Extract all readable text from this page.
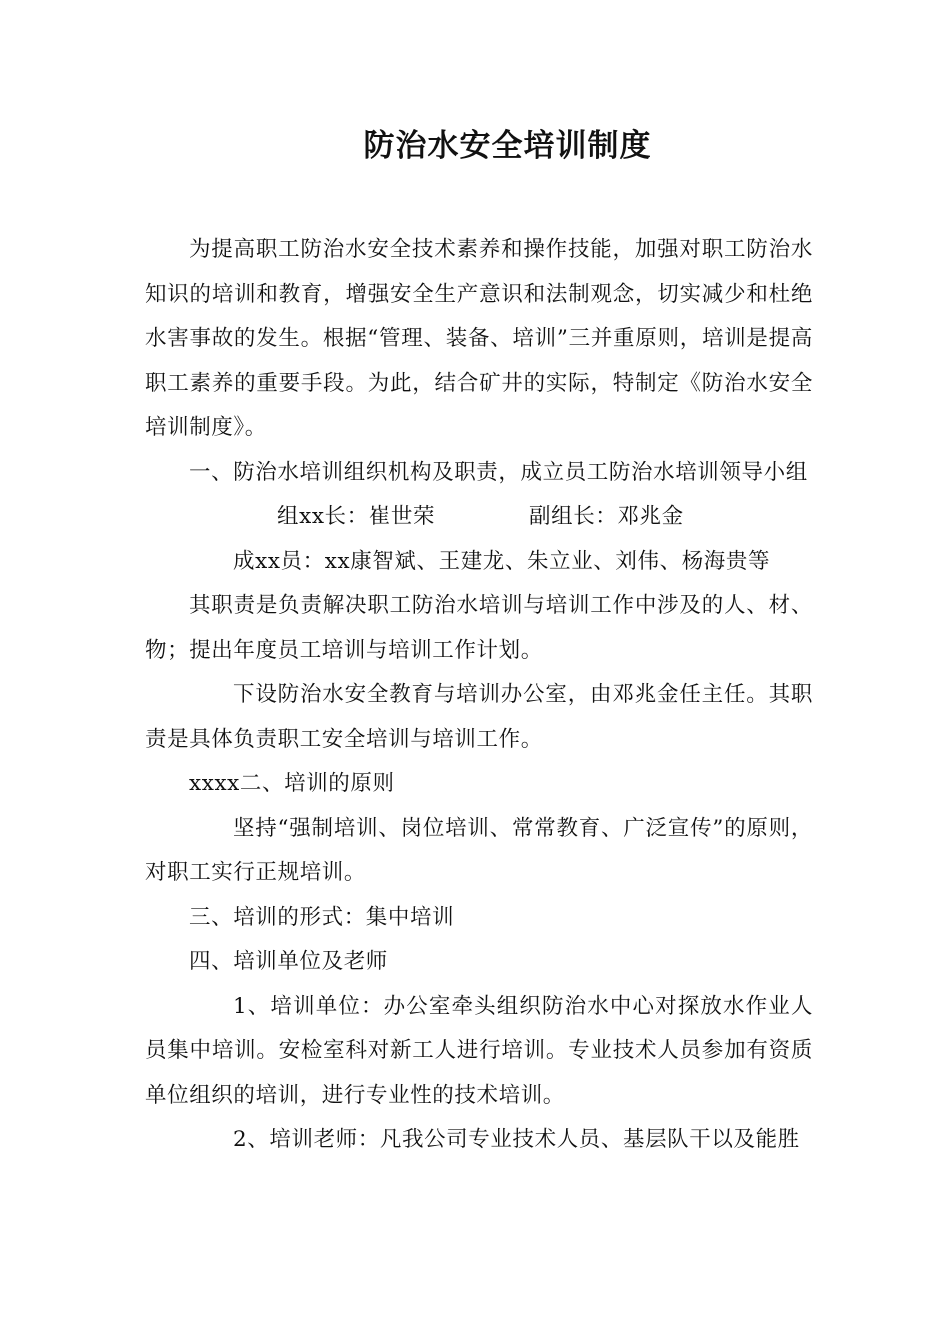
防治水安全培训制度

为提高职工防治水安全技术素养和操作技能，加强对职工防治水知识的培训和教育，增强安全生产意识和法制观念，切实减少和杜绝水害事故的发生。根据“管理、装备、培训”三并重原则，培训是提高职工素养的重要手段。为此，结合矿井的实际，特制定《防治水安全培训制度》。

一、防治水培训组织机构及职责，成立员工防治水培训领导小组

组xx长：崔世荣	副组长：邓兆金

成xx员：xx康智斌、王建龙、朱立业、刘伟、杨海贵等

其职责是负责解决职工防治水培训与培训工作中涉及的人、材、物；提出年度员工培训与培训工作计划。

下设防治水安全教育与培训办公室，由邓兆金任主任。其职责是具体负责职工安全培训与培训工作。

xxxx二、培训的原则

坚持“强制培训、岗位培训、常常教育、广泛宣传”的原则，对职工实行正规培训。

三、培训的形式：集中培训

四、培训单位及老师

1、培训单位：办公室牵头组织防治水中心对探放水作业人员集中培训。安检室科对新工人进行培训。专业技术人员参加有资质单位组织的培训，进行专业性的技术培训。

2、培训老师：凡我公司专业技术人员、基层队干以及能胜
